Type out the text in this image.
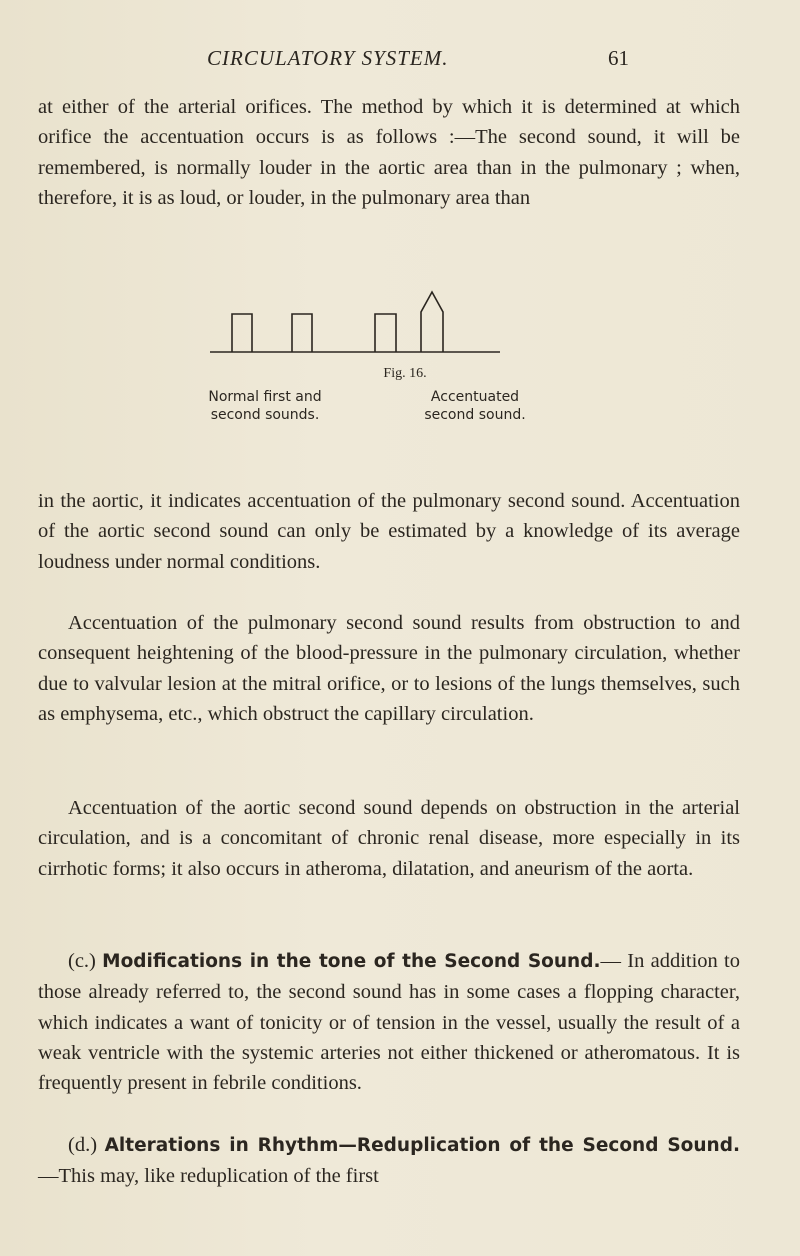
CIRCULATORY SYSTEM.	61

at either of the arterial orifices. The method by which it is determined at which orifice the accentuation occurs is as follows :—The second sound, it will be remembered, is normally louder in the aortic area than in the pulmonary ; when, therefore, it is as loud, or louder, in the pulmonary area than

Fig. 16.
Normal first and
second sounds.
Accentuated
second sound.

in the aortic, it indicates accentuation of the pulmonary second sound. Accentuation of the aortic second sound can only be estimated by a knowledge of its average loudness under normal conditions.

Accentuation of the pulmonary second sound results from obstruction to and consequent heightening of the blood-pressure in the pulmonary circulation, whether due to valvular lesion at the mitral orifice, or to lesions of the lungs themselves, such as emphysema, etc., which obstruct the capillary circulation.

Accentuation of the aortic second sound depends on obstruction in the arterial circulation, and is a concomitant of chronic renal disease, more especially in its cirrhotic forms; it also occurs in atheroma, dilatation, and aneurism of the aorta.

(c.) Modifications in the tone of the Second Sound.— In addition to those already referred to, the second sound has in some cases a flopping character, which indicates a want of tonicity or of tension in the vessel, usually the result of a weak ventricle with the systemic arteries not either thickened or atheromatous. It is frequently present in febrile conditions.

(d.) Alterations in Rhythm—Reduplication of the Second Sound.—This may, like reduplication of the first
